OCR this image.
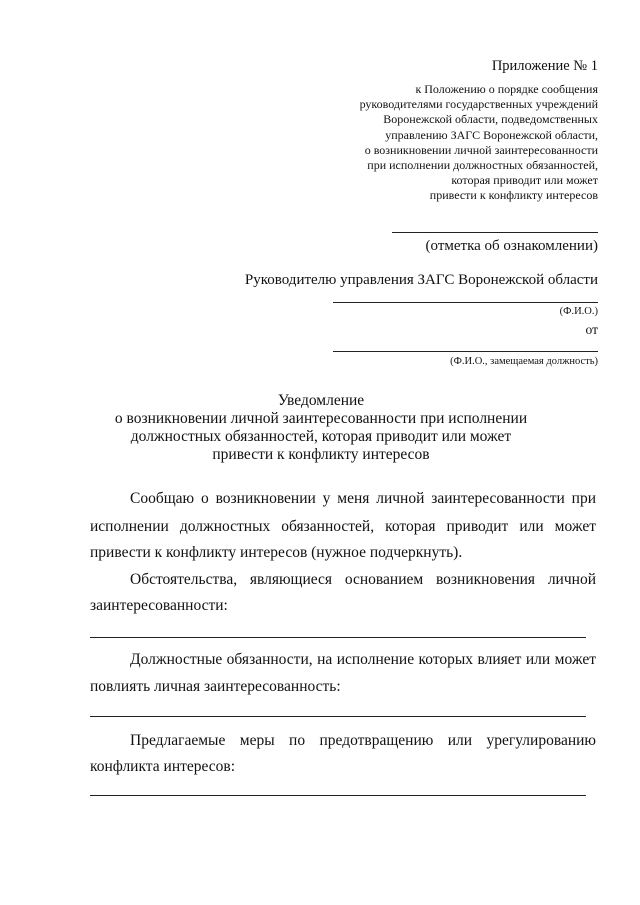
Приложение № 1
к Положению о порядке сообщения
руководителями государственных учреждений
Воронежской области, подведомственных
управлению ЗАГС Воронежской области,
о возникновении личной заинтересованности
при исполнении должностных обязанностей,
которая приводит или может
привести к конфликту интересов
(отметка об ознакомлении)
Руководителю управления ЗАГС Воронежской области
(Ф.И.О.)
от
(Ф.И.О., замещаемая должность)
Уведомление
о возникновении личной заинтересованности при исполнении
должностных обязанностей, которая приводит или может
привести к конфликту интересов
Сообщаю о возникновении у меня личной заинтересованности при
исполнении должностных обязанностей, которая приводит или может
привести к конфликту интересов (нужное подчеркнуть).
Обстоятельства, являющиеся основанием возникновения личной
заинтересованности:
Должностные обязанности, на исполнение которых влияет или может
повлиять личная заинтересованность:
Предлагаемые меры по предотвращению или урегулированию
конфликта интересов:
